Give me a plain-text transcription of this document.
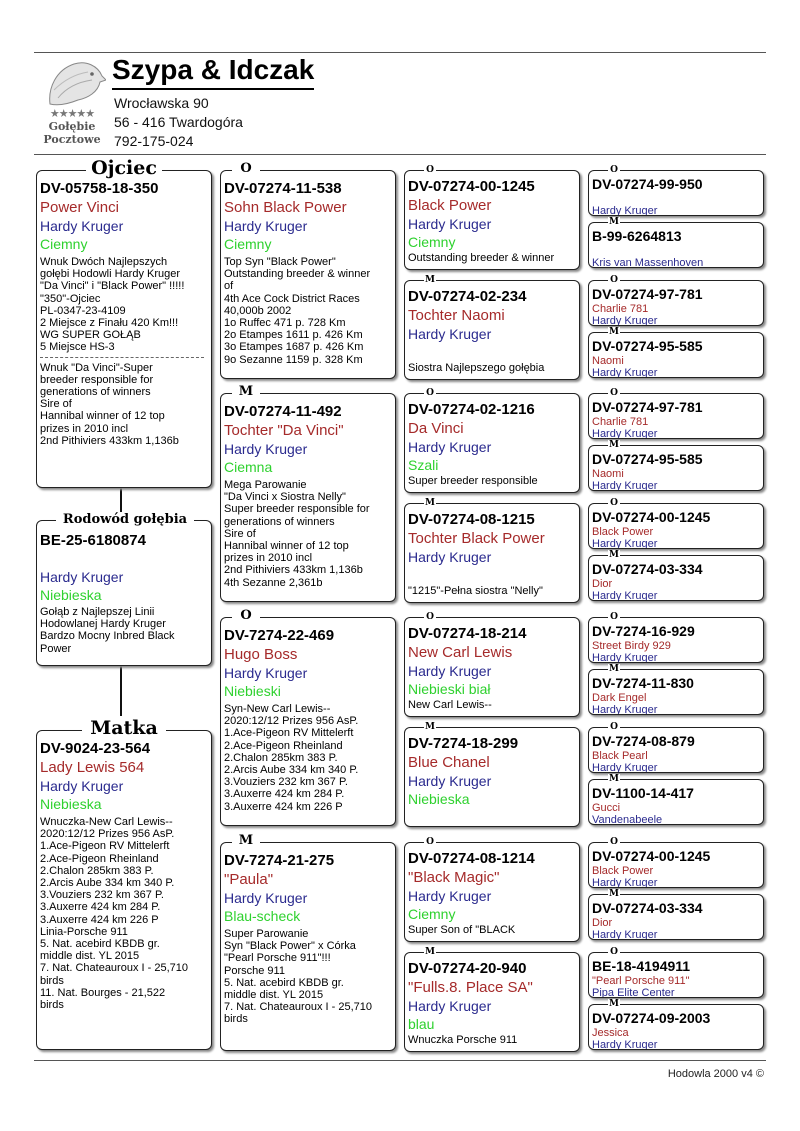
★★★★★
Gołębie
Pocztowe
Szypa & Idczak
Wrocławska 90
56 - 416 Twardogóra
792-175-024
DV-05758-18-350
Power Vinci
Hardy Kruger
Ciemny
Wnuk Dwóch Najlepszych
gołębi Hodowli Hardy Kruger
"Da Vinci" i "Black Power" !!!!!
"350"-Ojciec
PL-0347-23-4109
2 Miejsce z Finału 420 Km!!!
WG SUPER GOŁĄB
5 Miejsce HS-3
Wnuk "Da Vinci"-Super
breeder responsible for
generations of winners
Sire of
Hannibal winner of 12 top
prizes in 2010 incl
2nd Pithiviers 433km 1,136b
Ojciec
BE-25-6180874
Hardy Kruger
Niebieska
Gołąb z Najlepszej Linii
Hodowlanej Hardy Kruger
Bardzo Mocny Inbred Black
Power
Rodowód gołębia
DV-9024-23-564
Lady Lewis 564
Hardy Kruger
Niebieska
Wnuczka-New Carl Lewis--
2020:12/12 Prizes 956 AsP.
1.Ace-Pigeon RV Mittelerft
2.Ace-Pigeon Rheinland
2.Chalon 285km 383 P.
2.Arcis Aube 334 km 340 P.
3.Vouziers 232 km 367 P.
3.Auxerre 424 km 284 P.
3.Auxerre 424 km 226 P
Linia-Porsche 911
5. Nat. acebird KBDB gr.
middle dist. YL 2015
7. Nat. Chateauroux I - 25,710
birds
11. Nat. Bourges - 21,522
birds
Matka
DV-07274-11-538
Sohn Black Power
Hardy Kruger
Ciemny
Top Syn "Black Power"
Outstanding breeder & winner
of
4th Ace Cock District Races
40,000b 2002
1o Ruffec 471 p. 728 Km
2o Etampes 1611 p. 426 Km
3o Etampes 1687 p. 426 Km
9o Sezanne 1159 p. 328 Km
O
DV-07274-11-492
Tochter "Da Vinci"
Hardy Kruger
Ciemna
Mega Parowanie
"Da Vinci x Siostra Nelly"
Super breeder responsible for
generations of winners
Sire of
Hannibal winner of 12 top
prizes in 2010 incl
2nd Pithiviers 433km 1,136b
4th Sezanne 2,361b
M
DV-7274-22-469
Hugo Boss
Hardy Kruger
Niebieski
Syn-New Carl Lewis--
2020:12/12 Prizes 956 AsP.
1.Ace-Pigeon RV Mittelerft
2.Ace-Pigeon Rheinland
2.Chalon 285km 383 P.
2.Arcis Aube 334 km 340 P.
3.Vouziers 232 km 367 P.
3.Auxerre 424 km 284 P.
3.Auxerre 424 km 226 P
O
DV-7274-21-275
"Paula"
Hardy Kruger
Blau-scheck
Super Parowanie
Syn "Black Power" x Córka
"Pearl Porsche 911"!!!
Porsche 911
5. Nat. acebird KBDB gr.
middle dist. YL 2015
7. Nat. Chateauroux I - 25,710
birds
M
DV-07274-00-1245
Black Power
Hardy Kruger
Ciemny
Outstanding breeder & winner
O
DV-07274-02-234
Tochter Naomi
Hardy Kruger
Siostra Najlepszego gołębia
M
DV-07274-02-1216
Da Vinci
Hardy Kruger
Szali
Super breeder responsible
O
DV-07274-08-1215
Tochter Black Power
Hardy Kruger
"1215"-Pełna siostra "Nelly"
M
DV-07274-18-214
New Carl Lewis
Hardy Kruger
Niebieski biał
New Carl Lewis--
O
DV-7274-18-299
Blue Chanel
Hardy Kruger
Niebieska
M
DV-07274-08-1214
"Black Magic"
Hardy Kruger
Ciemny
Super Son of "BLACK
O
DV-07274-20-940
"Fulls.8. Place SA"
Hardy Kruger
blau
Wnuczka Porsche 911
M
DV-07274-99-950
Hardy Kruger
O
B-99-6264813
Kris van Massenhoven
M
DV-07274-97-781
Charlie 781
Hardy Kruger
O
DV-07274-95-585
Naomi
Hardy Kruger
M
DV-07274-97-781
Charlie 781
Hardy Kruger
O
DV-07274-95-585
Naomi
Hardy Kruger
M
DV-07274-00-1245
Black Power
Hardy Kruger
O
DV-07274-03-334
Dior
Hardy Kruger
M
DV-7274-16-929
Street Birdy 929
Hardy Kruger
O
DV-7274-11-830
Dark Engel
Hardy Kruger
M
DV-7274-08-879
Black Pearl
Hardy Kruger
O
DV-1100-14-417
Gucci
Vandenabeele
M
DV-07274-00-1245
Black Power
Hardy Kruger
O
DV-07274-03-334
Dior
Hardy Kruger
M
BE-18-4194911
"Pearl Porsche 911"
Pipa Elite Center
O
DV-07274-09-2003
Jessica
Hardy Kruger
M
Hodowla 2000 v4 ©
